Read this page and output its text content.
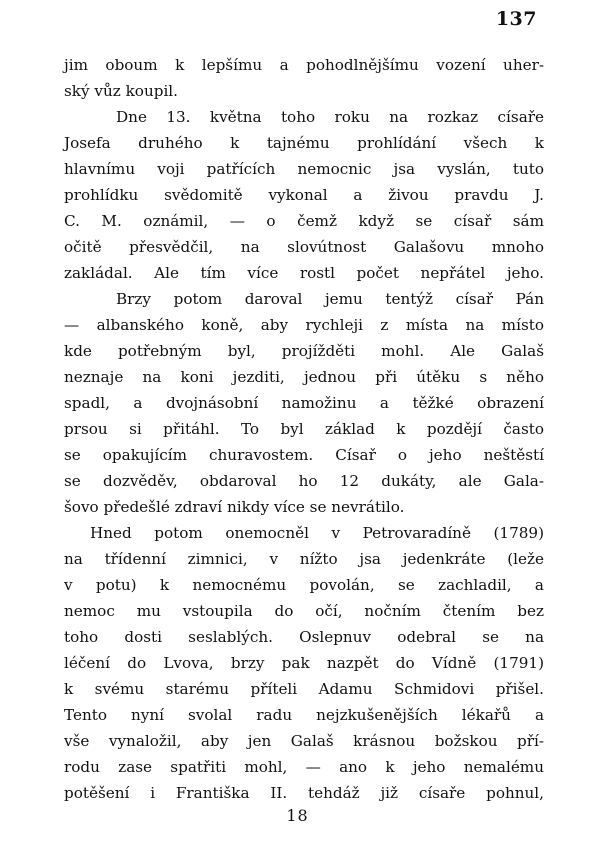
137
jim oboum k lepšímu a pohodlnějšímu vození uher-
ský vůz koupil.
Dne 13. května toho roku na rozkaz císaře
Josefa druhého k tajnému prohlídání všech k
hlavnímu voji patřících nemocnic jsa vyslán, tuto
prohlídku svědomitě vykonal a živou pravdu J.
C. M. oznámil, — o čemž když se císař sám
očitě přesvědčil, na slovútnost Galašovu mnoho
zakládal. Ale tím více rostl počet nepřátel jeho.
Brzy potom daroval jemu tentýž císař Pán
— albanského koně, aby rychleji z místa na místo
kde potřebným byl, projížděti mohl. Ale Galaš
neznaje na koni jezditi, jednou při útěku s něho
spadl, a dvojnásobní namožinu a těžké obrazení
prsou si přitáhl. To byl základ k pozdějí často
se opakujícím churavostem. Císař o jeho neštěstí
se dozvěděv, obdaroval ho 12 dukáty, ale Gala-
šovo předešlé zdraví nikdy více se nevrátilo.
Hned potom onemocněl v Petrovaradíně (1789)
na třídenní zimnici, v nížto jsa jedenkráte (leže
v potu) k nemocnému povolán, se zachladil, a
nemoc mu vstoupila do očí, nočním čtením bez
toho dosti seslablých. Oslepnuv odebral se na
léčení do Lvova, brzy pak nazpět do Vídně (1791)
k svému starému příteli Adamu Schmidovi přišel.
Tento nyní svolal radu nejzkušenějších lékařů a
vše vynaložil, aby jen Galaš krásnou božskou pří-
rodu zase spatřiti mohl, — ano k jeho nemalému
potěšení i Františka II. tehdáž již císaře pohnul,
18
